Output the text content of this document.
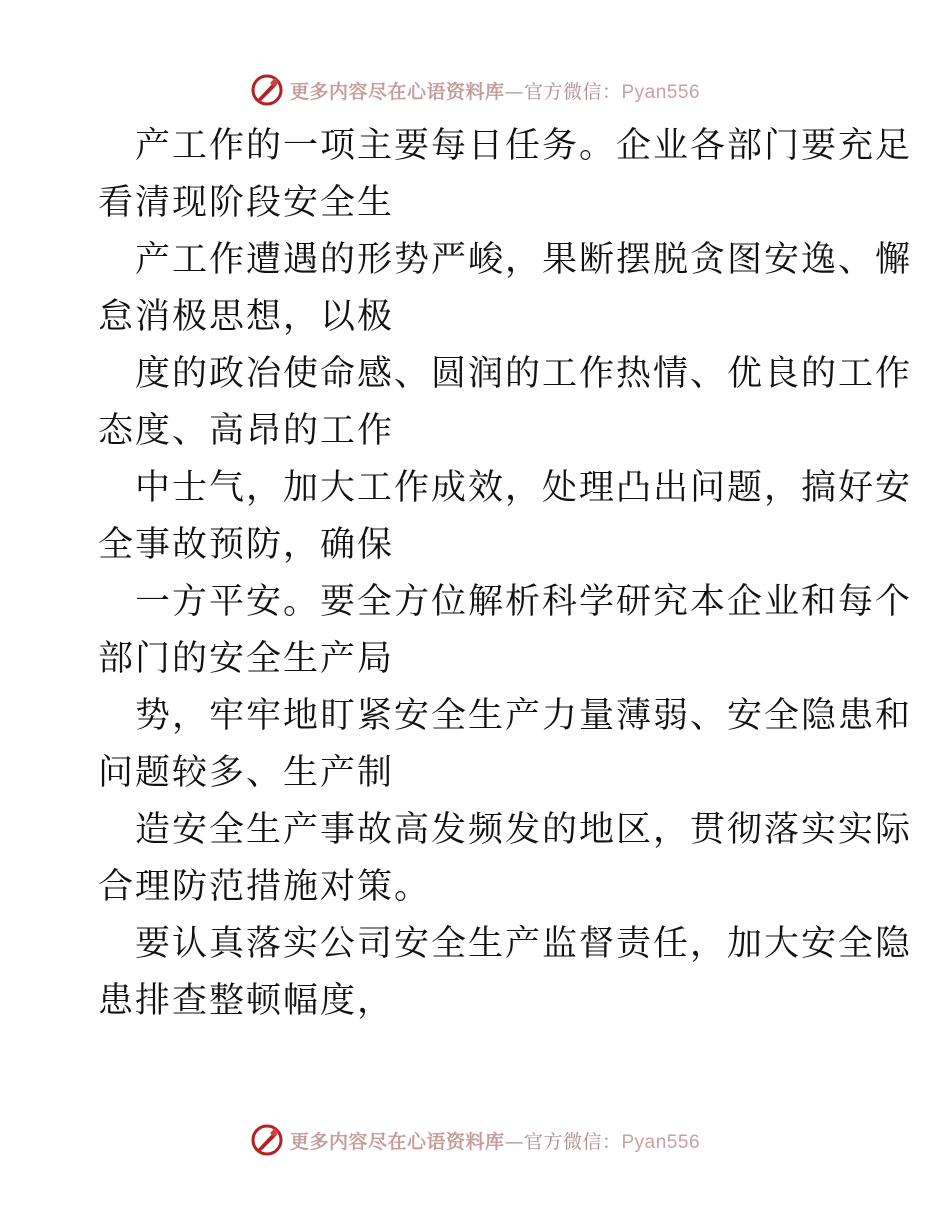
更多内容尽在心语资料库—官方微信：Pyan556

产工作的一项主要每日任务。企业各部门要充足
看清现阶段安全生

产工作遭遇的形势严峻，果断摆脱贪图安逸、懈
怠消极思想，以极

度的政冶使命感、圆润的工作热情、优良的工作
态度、高昂的工作

中士气，加大工作成效，处理凸出问题，搞好安
全事故预防，确保

一方平安。要全方位解析科学研究本企业和每个
部门的安全生产局

势，牢牢地盯紧安全生产力量薄弱、安全隐患和
问题较多、生产制

造安全生产事故高发频发的地区，贯彻落实实际
合理防范措施对策。

要认真落实公司安全生产监督责任，加大安全隐
患排查整顿幅度，

更多内容尽在心语资料库—官方微信：Pyan556
